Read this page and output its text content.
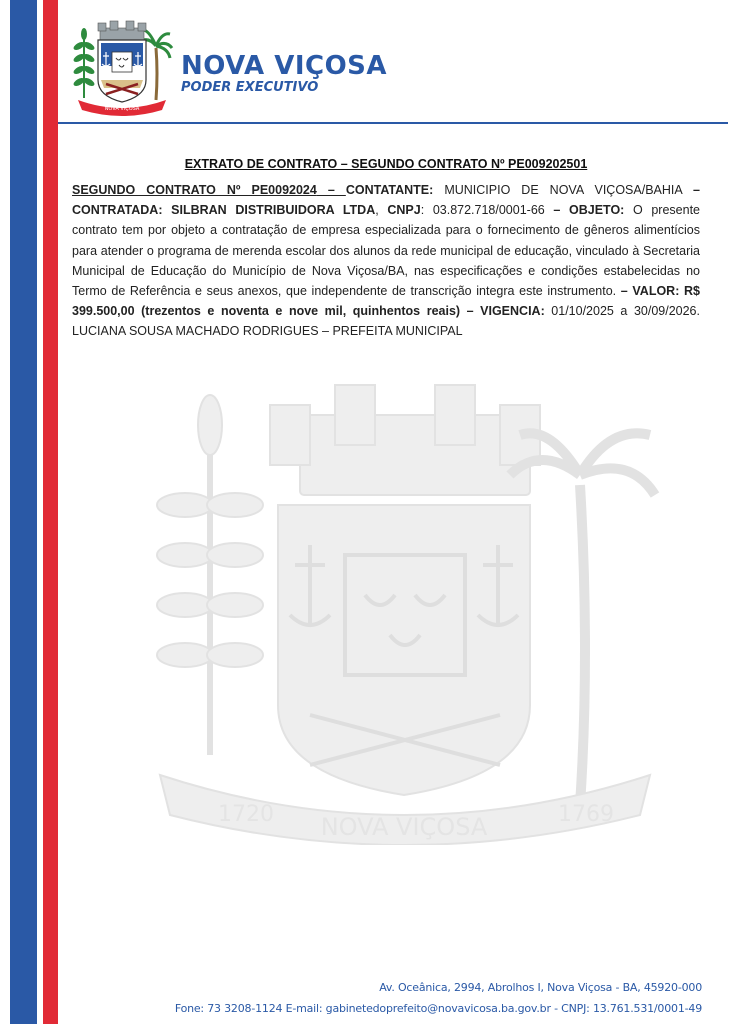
NOVA VIÇOSA
NOVA VIÇOSA
PODER EXECUTIVO
1720	1769
NOVA VIÇOSA
EXTRATO DE CONTRATO – SEGUNDO CONTRATO Nº PE009202501
SEGUNDO CONTRATO Nº PE0092024 – CONTATANTE: MUNICIPIO DE NOVA VIÇOSA/BAHIA – CONTRATADA: SILBRAN DISTRIBUIDORA LTDA, CNPJ: 03.872.718/0001-66 – OBJETO: O presente contrato tem por objeto a contratação de empresa especializada para o fornecimento de gêneros alimentícios para atender o programa de merenda escolar dos alunos da rede municipal de educação, vinculado à Secretaria Municipal de Educação do Município de Nova Viçosa/BA, nas especificações e condições estabelecidas no Termo de Referência e seus anexos, que independente de transcrição integra este instrumento. – VALOR: R$ 399.500,00 (trezentos e noventa e nove mil, quinhentos reais) – VIGENCIA: 01/10/2025 a 30/09/2026. LUCIANA SOUSA MACHADO RODRIGUES – PREFEITA MUNICIPAL
Av. Oceânica, 2994, Abrolhos I, Nova Viçosa - BA, 45920-000
Fone: 73 3208-1124 E-mail: gabinetedoprefeito@novavicosa.ba.gov.br - CNPJ: 13.761.531/0001-49
